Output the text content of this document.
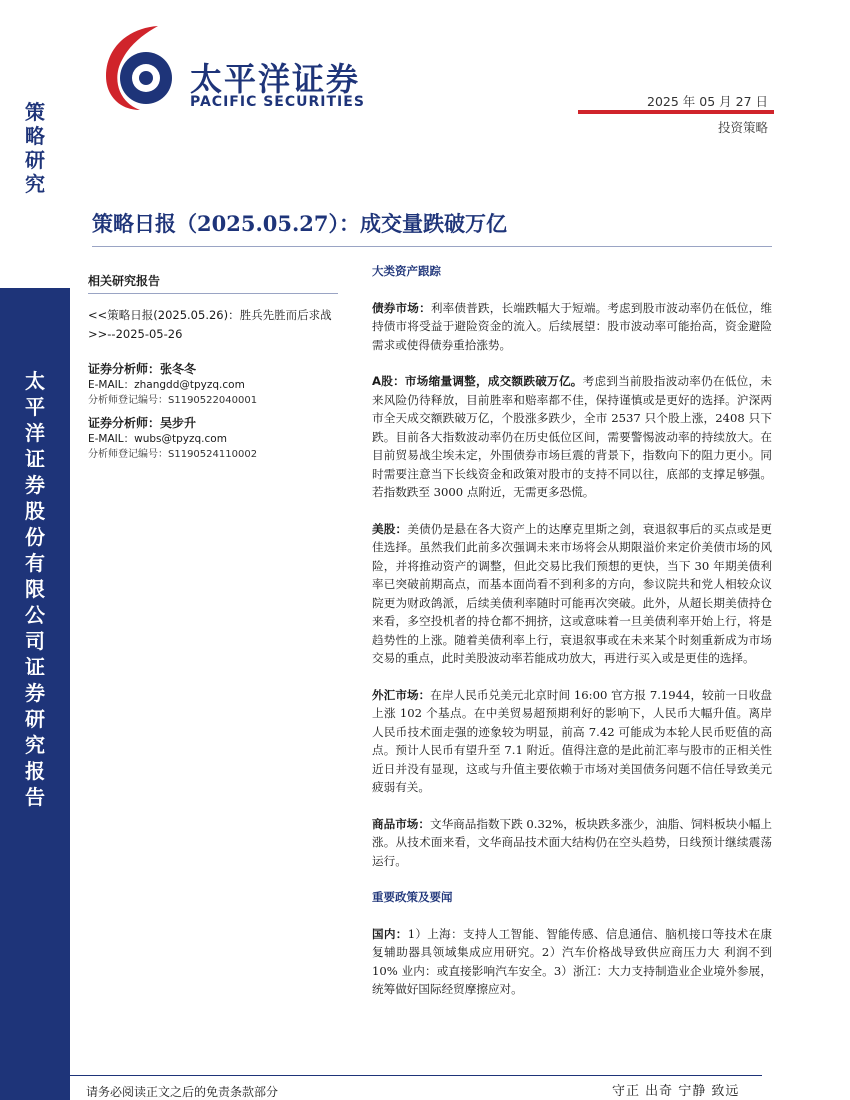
策
略
研
究
太
平
洋
证
券
股
份
有
限
公
司
证
券
研
究
报
告
太平洋证券
PACIFIC SECURITIES	2025 年 05 月 27 日
投资策略
策略日报（2025.05.27）：成交量跌破万亿
相关研究报告
<<策略日报(2025.05.26)：胜兵先胜而后求战>>--2025-05-26
证券分析师：张冬冬
E-MAIL：zhangdd@tpyzq.com
分析师登记编号：S1190522040001
证券分析师：吴步升
E-MAIL：wubs@tpyzq.com
分析师登记编号：S1190524110002
大类资产跟踪
债券市场：利率债普跌，长端跌幅大于短端。考虑到股市波动率仍在低位，维持债市将受益于避险资金的流入。后续展望：股市波动率可能抬高，资金避险需求或使得债券重拾涨势。
A股：市场缩量调整，成交额跌破万亿。考虑到当前股指波动率仍在低位，未来风险仍待释放，目前胜率和赔率都不佳，保持谨慎或是更好的选择。沪深两市全天成交额跌破万亿，个股涨多跌少，全市 2537 只个股上涨，2408 只下跌。目前各大指数波动率仍在历史低位区间，需要警惕波动率的持续放大。在目前贸易战尘埃未定，外围债券市场巨震的背景下，指数向下的阻力更小。同时需要注意当下长线资金和政策对股市的支持不同以往，底部的支撑足够强。若指数跌至 3000 点附近，无需更多恐慌。
美股：美债仍是悬在各大资产上的达摩克里斯之剑，衰退叙事后的买点或是更佳选择。虽然我们此前多次强调未来市场将会从期限溢价来定价美债市场的风险，并将推动资产的调整，但此交易比我们预想的更快，当下 30 年期美债利率已突破前期高点，而基本面尚看不到利多的方向，参议院共和党人相较众议院更为财政鸽派，后续美债利率随时可能再次突破。此外，从超长期美债持仓来看，多空投机者的持仓都不拥挤，这或意味着一旦美债利率开始上行，将是趋势性的上涨。随着美债利率上行，衰退叙事或在未来某个时刻重新成为市场交易的重点，此时美股波动率若能成功放大，再进行买入或是更佳的选择。
外汇市场：在岸人民币兑美元北京时间 16:00 官方报 7.1944，较前一日收盘上涨 102 个基点。在中美贸易超预期利好的影响下，人民币大幅升值。离岸人民币技术面走强的迹象较为明显，前高 7.42 可能成为本轮人民币贬值的高点。预计人民币有望升至 7.1 附近。值得注意的是此前汇率与股市的正相关性近日并没有显现，这或与升值主要依赖于市场对美国债务问题不信任导致美元疲弱有关。
商品市场：文华商品指数下跌 0.32%，板块跌多涨少，油脂、饲料板块小幅上涨。从技术面来看，文华商品技术面大结构仍在空头趋势，日线预计继续震荡运行。
重要政策及要闻
国内：1）上海：支持人工智能、智能传感、信息通信、脑机接口等技术在康复辅助器具领域集成应用研究。2）汽车价格战导致供应商压力大 利润不到 10% 业内：或直接影响汽车安全。3）浙江：大力支持制造业企业境外参展，统筹做好国际经贸摩擦应对。
请务必阅读正文之后的免责条款部分	守正 出奇 宁静 致远
